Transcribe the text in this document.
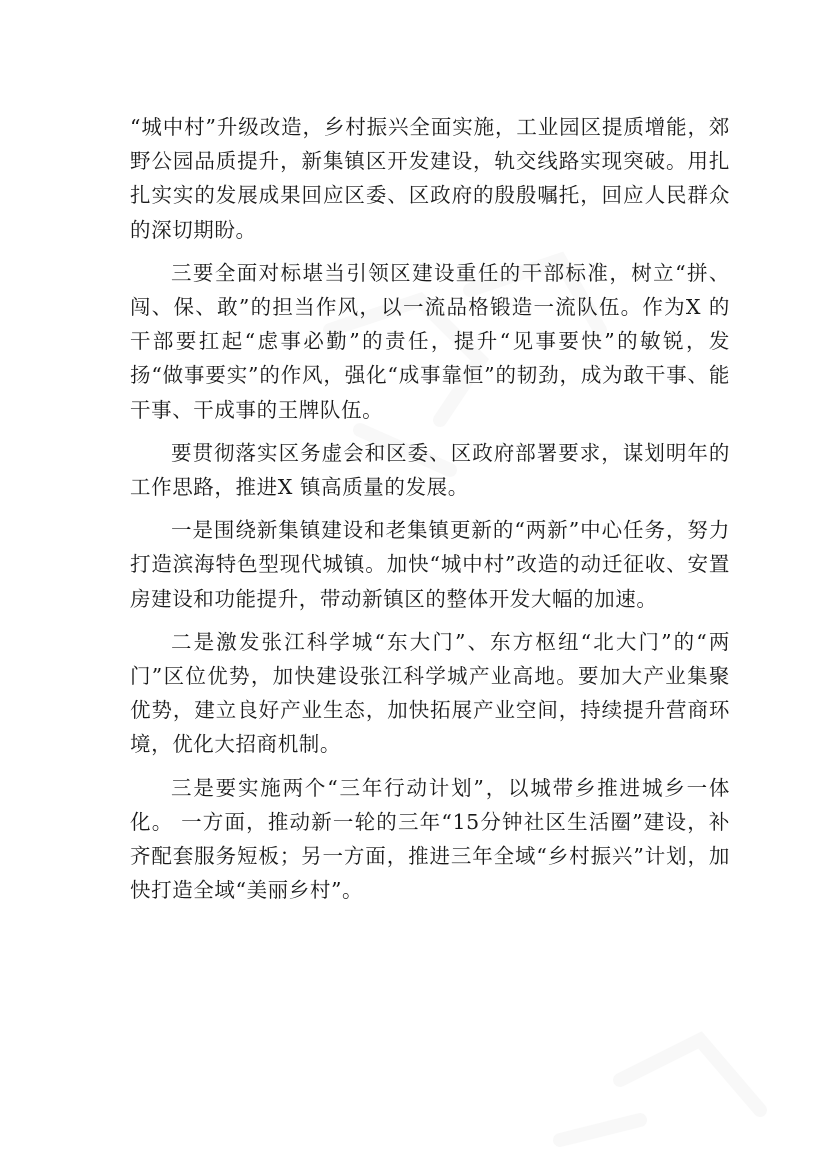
“城中村”升级改造，乡村振兴全面实施，工业园区提质增能，郊野公园品质提升，新集镇区开发建设，轨交线路实现突破。用扎扎实实的发展成果回应区委、区政府的殷殷嘱托，回应人民群众的深切期盼。

三要全面对标堪当引领区建设重任的干部标准，树立“拼、闯、保、敢”的担当作风，以一流品格锻造一流队伍。作为X 的干部要扛起“虑事必勤”的责任，提升“见事要快”的敏锐，发扬“做事要实”的作风，强化“成事靠恒”的韧劲，成为敢干事、能干事、干成事的王牌队伍。

要贯彻落实区务虚会和区委、区政府部署要求，谋划明年的工作思路，推进X 镇高质量的发展。

一是围绕新集镇建设和老集镇更新的“两新”中心任务，努力打造滨海特色型现代城镇。加快“城中村”改造的动迁征收、安置房建设和功能提升，带动新镇区的整体开发大幅的加速。

二是激发张江科学城“东大门”、东方枢纽“北大门”的“两门”区位优势，加快建设张江科学城产业高地。要加大产业集聚优势，建立良好产业生态，加快拓展产业空间，持续提升营商环境，优化大招商机制。

三是要实施两个“三年行动计划”，以城带乡推进城乡一体化。 一方面，推动新一轮的三年“15分钟社区生活圈”建设，补齐配套服务短板；另一方面，推进三年全域“乡村振兴”计划，加快打造全域“美丽乡村”。
